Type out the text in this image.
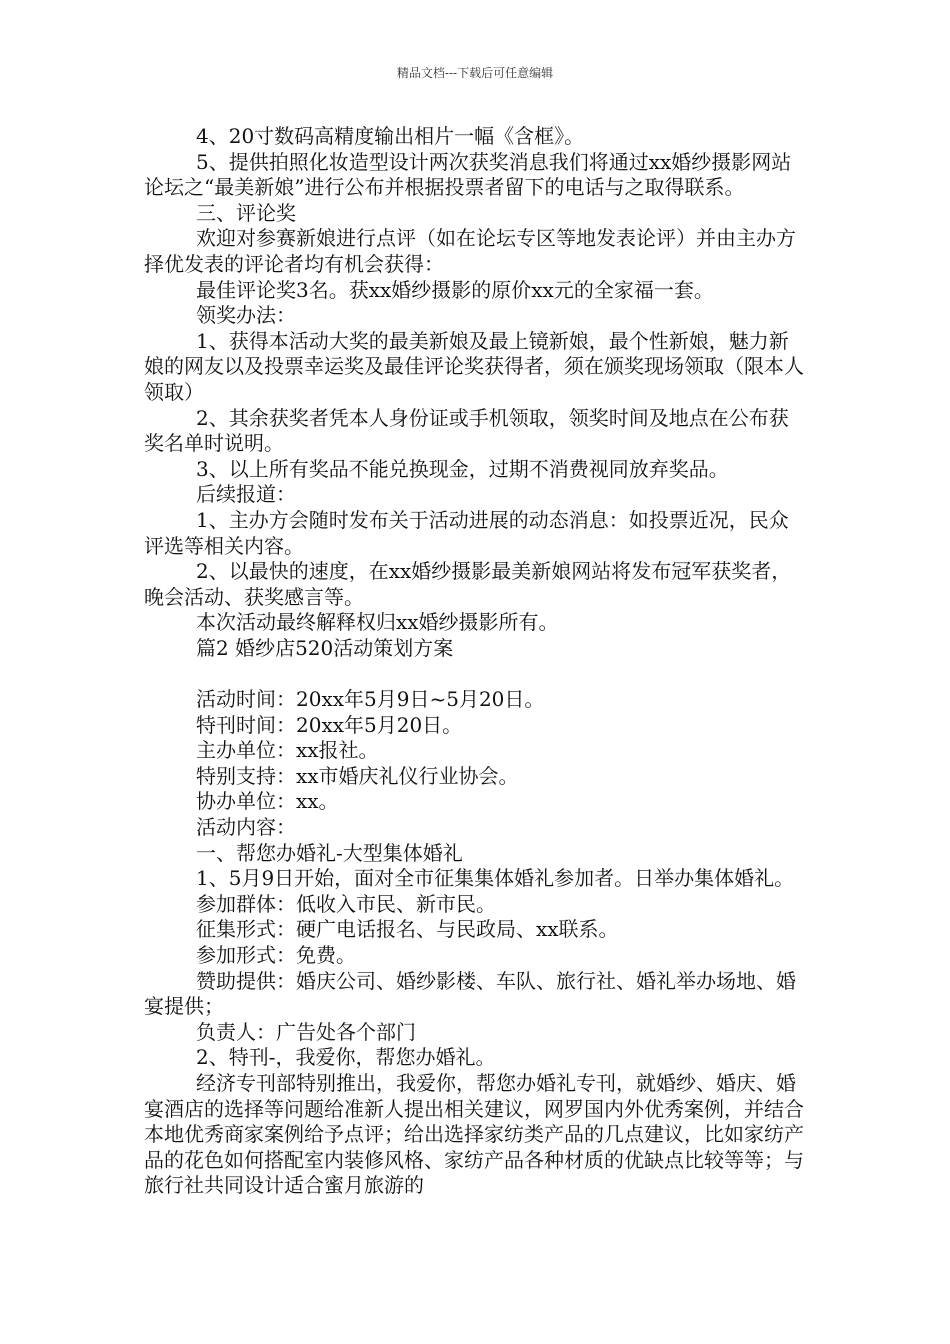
精品文档---下载后可任意编辑

4、20寸数码高精度输出相片一幅《含框》。

5、提供拍照化妆造型设计两次获奖消息我们将通过xx婚纱摄影网站论坛之“最美新娘”进行公布并根据投票者留下的电话与之取得联系。

三、评论奖

欢迎对参赛新娘进行点评（如在论坛专区等地发表论评）并由主办方择优发表的评论者均有机会获得：

最佳评论奖3名。获xx婚纱摄影的原价xx元的全家福一套。

领奖办法：

1、获得本活动大奖的最美新娘及最上镜新娘，最个性新娘，魅力新娘的网友以及投票幸运奖及最佳评论奖获得者，须在颁奖现场领取（限本人领取）

2、其余获奖者凭本人身份证或手机领取，领奖时间及地点在公布获奖名单时说明。

3、以上所有奖品不能兑换现金，过期不消费视同放弃奖品。

后续报道：

1、主办方会随时发布关于活动进展的动态消息：如投票近况，民众评选等相关内容。

2、以最快的速度，在xx婚纱摄影最美新娘网站将发布冠军获奖者，晚会活动、获奖感言等。

本次活动最终解释权归xx婚纱摄影所有。

篇2 婚纱店520活动策划方案

活动时间：20xx年5月9日~5月20日。

特刊时间：20xx年5月20日。

主办单位：xx报社。

特别支持：xx市婚庆礼仪行业协会。

协办单位：xx。

活动内容：

一、帮您办婚礼-大型集体婚礼

1、5月9日开始，面对全市征集集体婚礼参加者。日举办集体婚礼。

参加群体：低收入市民、新市民。

征集形式：硬广电话报名、与民政局、xx联系。

参加形式：免费。

赞助提供：婚庆公司、婚纱影楼、车队、旅行社、婚礼举办场地、婚宴提供；

负责人：广告处各个部门

2、特刊-，我爱你，帮您办婚礼。

经济专刊部特别推出，我爱你，帮您办婚礼专刊，就婚纱、婚庆、婚宴酒店的选择等问题给准新人提出相关建议，网罗国内外优秀案例，并结合本地优秀商家案例给予点评；给出选择家纺类产品的几点建议，比如家纺产品的花色如何搭配室内装修风格、家纺产品各种材质的优缺点比较等等；与旅行社共同设计适合蜜月旅游的
